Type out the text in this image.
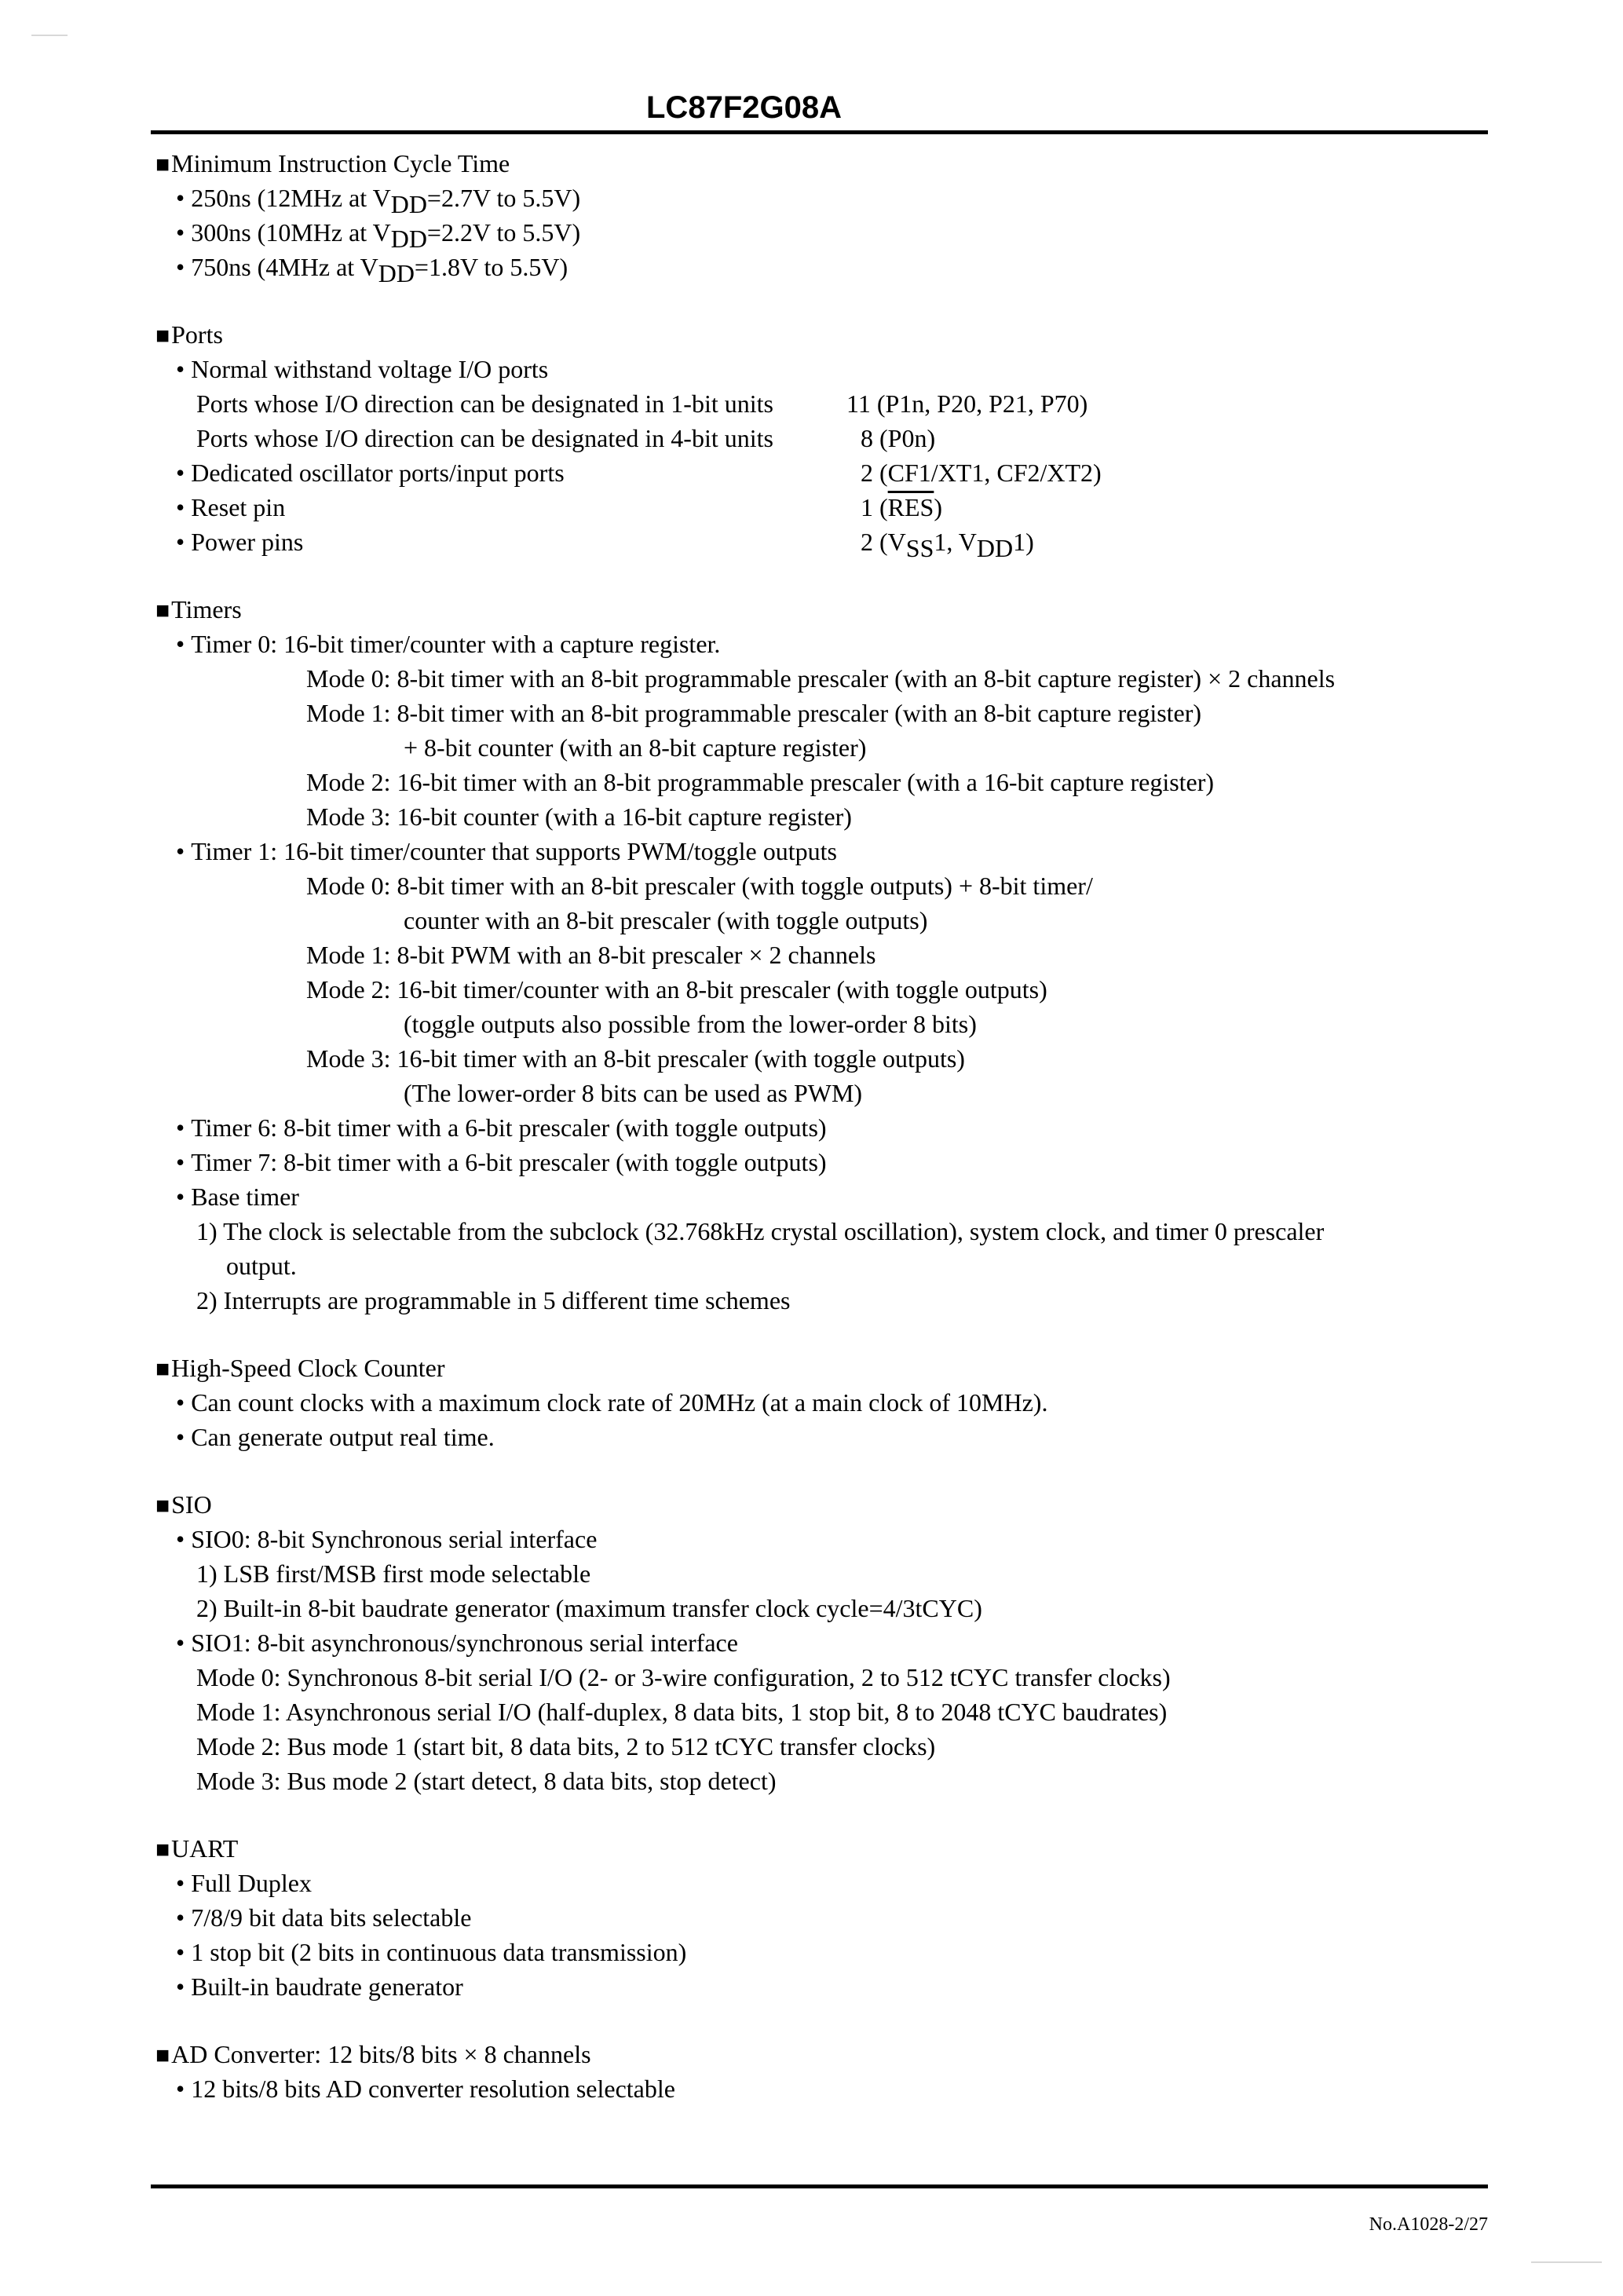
LC87F2G08A
■Minimum Instruction Cycle Time
• 250ns (12MHz at $V_{DD}=2.7V$ to 5.5V)
• 300ns (10MHz at $V_{DD}=2.2V$ to 5.5V)
• 750ns (4MHz at $V_{DD}=1.8V$ to 5.5V)
■Ports
• Normal withstand voltage I/O ports
Ports whose I/O direction can be designated in 1-bit units	11 (P1n, P20, P21, P70)
Ports whose I/O direction can be designated in 4-bit units	8 (P0n)
• Dedicated oscillator ports/input ports	2 (CF1/XT1, CF2/XT2)
• Reset pin	1 $(\overline{RES})$
• Power pins	2 ($V_{SS}1$, $V_{DD}1$)
■Timers
• Timer 0: 16-bit timer/counter with a capture register.
Mode 0: 8-bit timer with an 8-bit programmable prescaler (with an 8-bit capture register) × 2 channels
Mode 1: 8-bit timer with an 8-bit programmable prescaler (with an 8-bit capture register)
+ 8-bit counter (with an 8-bit capture register)
Mode 2: 16-bit timer with an 8-bit programmable prescaler (with a 16-bit capture register)
Mode 3: 16-bit counter (with a 16-bit capture register)
• Timer 1: 16-bit timer/counter that supports PWM/toggle outputs
Mode 0: 8-bit timer with an 8-bit prescaler (with toggle outputs) + 8-bit timer/
counter with an 8-bit prescaler (with toggle outputs)
Mode 1: 8-bit PWM with an 8-bit prescaler × 2 channels
Mode 2: 16-bit timer/counter with an 8-bit prescaler (with toggle outputs)
(toggle outputs also possible from the lower-order 8 bits)
Mode 3: 16-bit timer with an 8-bit prescaler (with toggle outputs)
(The lower-order 8 bits can be used as PWM)
• Timer 6: 8-bit timer with a 6-bit prescaler (with toggle outputs)
• Timer 7: 8-bit timer with a 6-bit prescaler (with toggle outputs)
• Base timer
1) The clock is selectable from the subclock (32.768kHz crystal oscillation), system clock, and timer 0 prescaler
output.
2) Interrupts are programmable in 5 different time schemes
■High-Speed Clock Counter
• Can count clocks with a maximum clock rate of 20MHz (at a main clock of 10MHz).
• Can generate output real time.
■SIO
• SIO0: 8-bit Synchronous serial interface
1) LSB first/MSB first mode selectable
2) Built-in 8-bit baudrate generator (maximum transfer clock cycle=4/3tCYC)
• SIO1: 8-bit asynchronous/synchronous serial interface
Mode 0: Synchronous 8-bit serial I/O (2- or 3-wire configuration, 2 to 512 tCYC transfer clocks)
Mode 1: Asynchronous serial I/O (half-duplex, 8 data bits, 1 stop bit, 8 to 2048 tCYC baudrates)
Mode 2: Bus mode 1 (start bit, 8 data bits, 2 to 512 tCYC transfer clocks)
Mode 3: Bus mode 2 (start detect, 8 data bits, stop detect)
■UART
• Full Duplex
• 7/8/9 bit data bits selectable
• 1 stop bit (2 bits in continuous data transmission)
• Built-in baudrate generator
■AD Converter: 12 bits/8 bits × 8 channels
• 12 bits/8 bits AD converter resolution selectable
No.A1028-2/27
